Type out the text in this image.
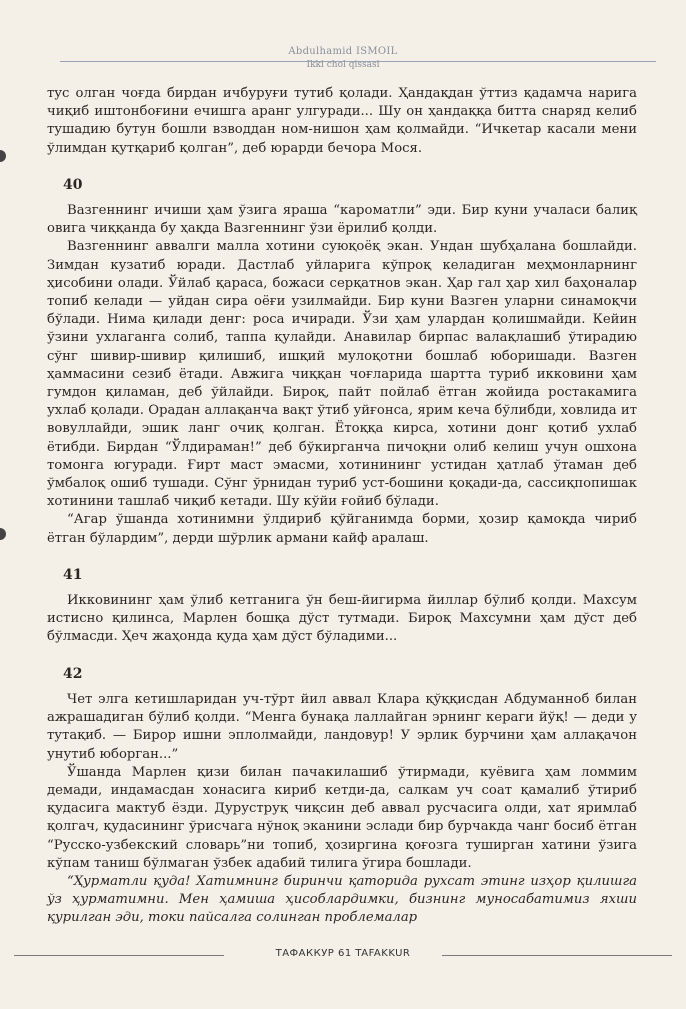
Abdulhamid ISMOIL
Ikki chol qissasi

тус олган чоғда бирдан ичбуруғи тутиб қолади. Ҳандақдан ўттиз қадамча нарига чиқиб иштонбоғини ечишга аранг улгуради... Шу он ҳандаққа битта снаряд келиб тушадию бутун бошли взводдан ном-нишон ҳам қолмайди. “Ичкетар касали мени ўлимдан қутқариб қолган”, деб юрарди бечора Мося.

40

Вазгеннинг ичиши ҳам ўзига яраша “кароматли” эди. Бир куни учаласи балиқ овига чиққанда бу ҳақда Вазгеннинг ўзи ёрилиб қолди.

Вазгеннинг аввалги малла хотини суюқоёқ экан. Ундан шубҳалана бошлайди. Зимдан кузатиб юради. Дастлаб уйларига кўпроқ келадиган меҳмонларнинг ҳисобини олади. Ўйлаб қараса, божаси серқатнов экан. Ҳар гал ҳар хил баҳоналар топиб келади — уйдан сира оёғи узилмайди. Бир куни Вазген уларни синамоқчи бўлади. Нима қилади денг: роса ичиради. Ўзи ҳам улардан қолишмайди. Кейин ўзини ухлаганга солиб, таппа қулайди. Анавилар бирпас валақлашиб ўтирадию сўнг шивир-шивир қилишиб, ишқий мулоқотни бошлаб юборишади. Вазген ҳаммасини сезиб ётади. Авжига чиққан чоғларида шартта туриб икковини ҳам гумдон қиламан, деб ўйлайди. Бироқ, пайт пойлаб ётган жойида ростакамига ухлаб қолади. Орадан аллақанча вақт ўтиб уйғонса, ярим кеча бўлибди, ховлида ит вовуллайди, эшик ланг очиқ қолган. Ётоққа кирса, хотини донг қотиб ухлаб ётибди. Бирдан “Ўлдираман!” деб бўкирганча пичоқни олиб келиш учун ошхона томонга югуради. Ғирт маст эмасми, хотинининг устидан ҳатлаб ўтаман деб ўмбалоқ ошиб тушади. Сўнг ўрнидан туриб уст-бошини қоқади-да, сассиқпопишак хотинини ташлаб чиқиб кетади. Шу кўйи ғойиб бўлади.

“Агар ўшанда хотинимни ўлдириб қўйганимда борми, ҳозир қамоқда чириб ётган бўлардим”, дерди шўрлик армани кайф аралаш.

41

Икковининг ҳам ўлиб кетганига ўн беш-йигирма йиллар бўлиб қолди. Махсум истисно қилинса, Марлен бошқа дўст тутмади. Бироқ Махсумни ҳам дўст деб бўлмасди. Ҳеч жаҳонда қуда ҳам дўст бўладими...

42

Чет элга кетишларидан уч-тўрт йил аввал Клара қўққисдан Абдуманноб билан ажрашадиган бўлиб қолди. “Менга бунақа лаллайган эрнинг кераги йўқ! — деди у тутақиб. — Бирор ишни эплолмайди, ландовур! У эрлик бурчини ҳам аллақачон унутиб юборган...”

Ўшанда Марлен қизи билан пачакилашиб ўтирмади, куёвига ҳам ломмим демади, индамасдан хонасига кириб кетди-да, салкам уч соат қамалиб ўтириб қудасига мактуб ёзди. Дуруструқ чиқсин деб аввал русчасига олди, хат яримлаб қолгач, қудасининг ўрисчага нўноқ эканини эслади бир бурчакда чанг босиб ётган “Русско-узбекский словарь”ни топиб, ҳозиргина қоғозга туширган хатини ўзига кўпам таниш бўлмаган ўзбек адабий тилига ўгира бошлади.

“Ҳурматли қуда! Хатимнинг биринчи қаторида рухсат этинг изҳор қилишга ўз ҳурматимни. Мен ҳамиша ҳисоблардимки, бизнинг муносабатимиз яхши қурилган эди, токи пайсалга солинган проблемалар

ТАФАККУР 61 TAFAKKUR
